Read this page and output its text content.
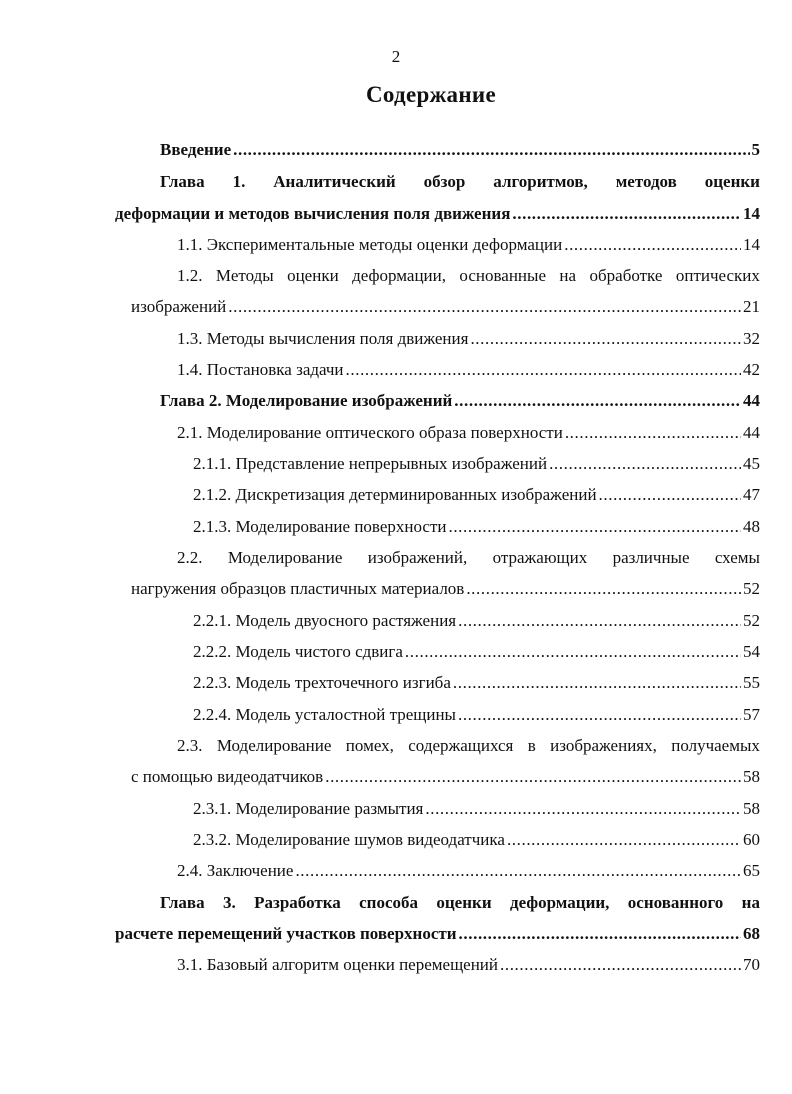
2
Содержание
Введение .....	5
Глава 1. Аналитический обзор алгоритмов, методов оценки
деформации и методов вычисления поля движения .....	14
1.1. Экспериментальные методы оценки деформации .....	14
1.2. Методы оценки деформации, основанные на обработке оптических
изображений .....	21
1.3. Методы вычисления поля движения .....	32
1.4. Постановка задачи .....	42
Глава 2. Моделирование изображений .....	44
2.1. Моделирование оптического образа поверхности .....	44
2.1.1. Представление непрерывных изображений .....	45
2.1.2. Дискретизация детерминированных изображений .....	47
2.1.3. Моделирование поверхности .....	48
2.2. Моделирование изображений, отражающих различные схемы
нагружения образцов пластичных материалов .....	52
2.2.1. Модель двуосного растяжения .....	52
2.2.2. Модель чистого сдвига .....	54
2.2.3. Модель трехточечного изгиба .....	55
2.2.4. Модель усталостной трещины .....	57
2.3. Моделирование помех, содержащихся в изображениях, получаемых
с помощью видеодатчиков .....	58
2.3.1. Моделирование размытия .....	58
2.3.2. Моделирование шумов видеодатчика .....	60
2.4. Заключение .....	65
Глава 3. Разработка способа оценки деформации, основанного на
расчете перемещений участков поверхности .....	68
3.1. Базовый алгоритм оценки перемещений .....	70
